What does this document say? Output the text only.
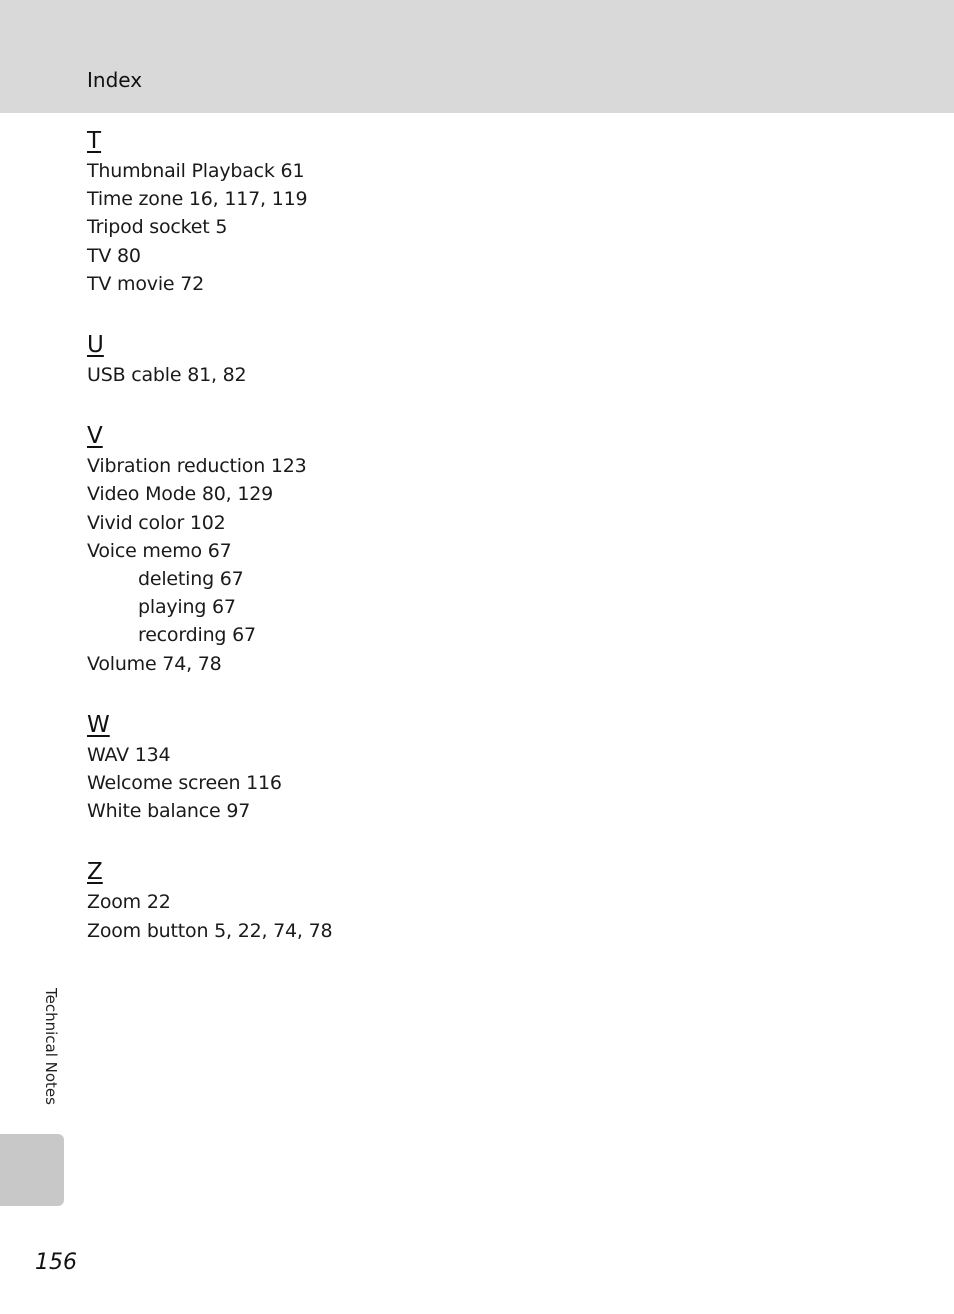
Index
T
Thumbnail Playback 61
Time zone 16, 117, 119
Tripod socket 5
TV 80
TV movie 72
U
USB cable 81, 82
V
Vibration reduction 123
Video Mode 80, 129
Vivid color 102
Voice memo 67
deleting 67
playing 67
recording 67
Volume 74, 78
W
WAV 134
Welcome screen 116
White balance 97
Z
Zoom 22
Zoom button 5, 22, 74, 78
Technical Notes
156
